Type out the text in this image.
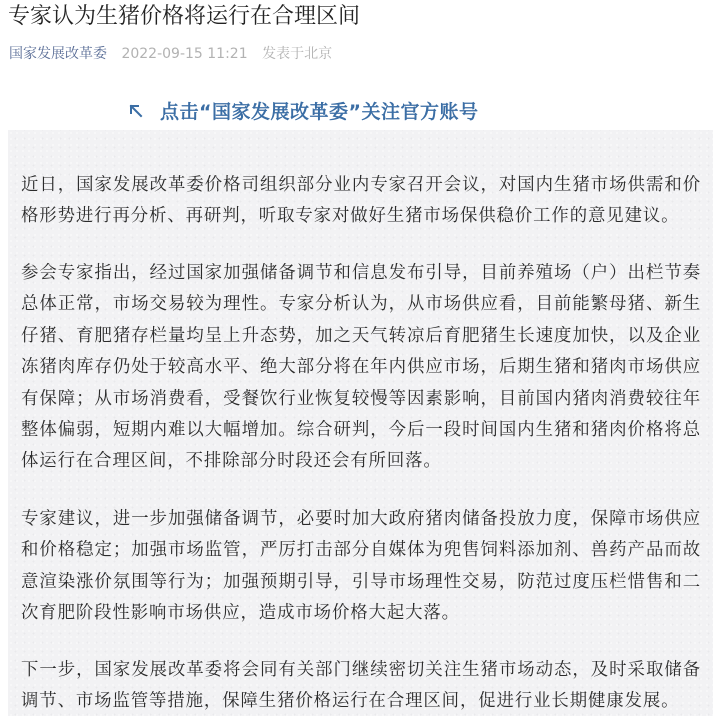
专家认为生猪价格将运行在合理区间
国家发展改革委 2022-09-15 11:21 发表于北京
点击“国家发展改革委”关注官方账号

近日，国家发展改革委价格司组织部分业内专家召开会议，对国内生猪市场供需和价格形势进行再分析、再研判，听取专家对做好生猪市场保供稳价工作的意见建议。

参会专家指出，经过国家加强储备调节和信息发布引导，目前养殖场（户）出栏节奏总体正常，市场交易较为理性。专家分析认为，从市场供应看，目前能繁母猪、新生仔猪、育肥猪存栏量均呈上升态势，加之天气转凉后育肥猪生长速度加快，以及企业冻猪肉库存仍处于较高水平、绝大部分将在年内供应市场，后期生猪和猪肉市场供应有保障；从市场消费看，受餐饮行业恢复较慢等因素影响，目前国内猪肉消费较往年整体偏弱，短期内难以大幅增加。综合研判，今后一段时间国内生猪和猪肉价格将总体运行在合理区间，不排除部分时段还会有所回落。

专家建议，进一步加强储备调节，必要时加大政府猪肉储备投放力度，保障市场供应和价格稳定；加强市场监管，严厉打击部分自媒体为兜售饲料添加剂、兽药产品而故意渲染涨价氛围等行为；加强预期引导，引导市场理性交易，防范过度压栏惜售和二次育肥阶段性影响市场供应，造成市场价格大起大落。

下一步，国家发展改革委将会同有关部门继续密切关注生猪市场动态，及时采取储备调节、市场监管等措施，保障生猪价格运行在合理区间，促进行业长期健康发展。
